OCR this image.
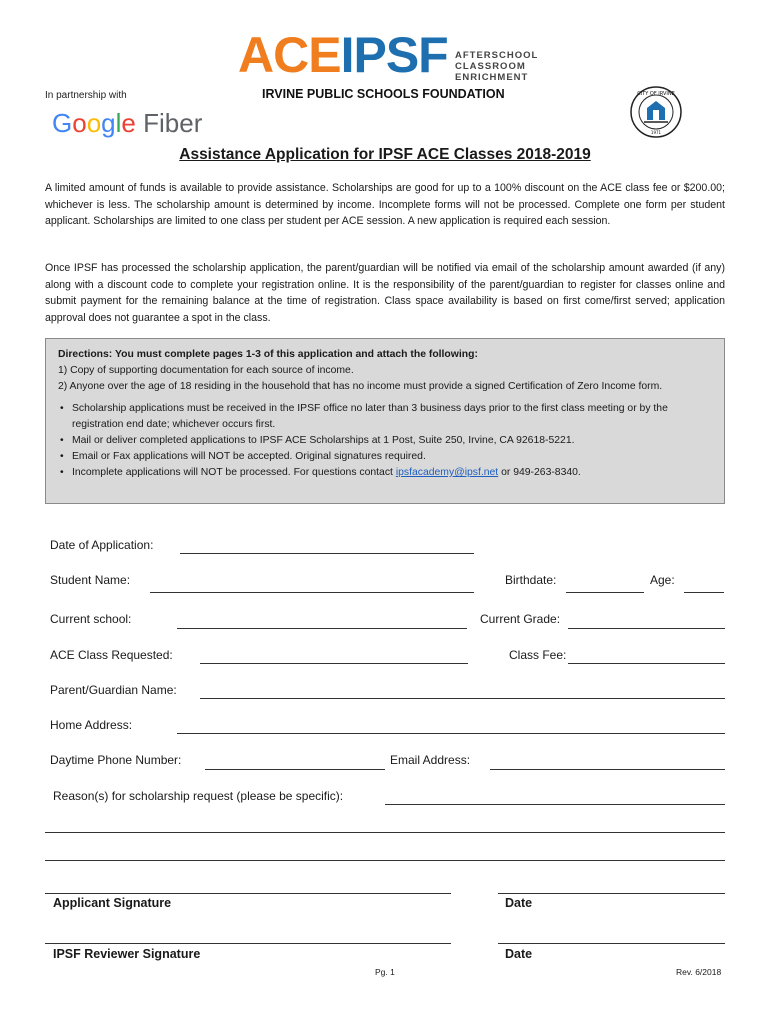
In partnership with
Google Fiber
ACEIPSF AFTERSCHOOL
CLASSROOM
ENRICHMENT
IRVINE PUBLIC SCHOOLS FOUNDATION	CITY OF IRVINE
1971
Assistance Application for IPSF ACE Classes 2018-2019
A limited amount of funds is available to provide assistance. Scholarships are good for up to a 100% discount on the ACE class fee or $200.00; whichever is less. The scholarship amount is determined by income. Incomplete forms will not be processed. Complete one form per student applicant. Scholarships are limited to one class per student per ACE session. A new application is required each session.
Once IPSF has processed the scholarship application, the parent/guardian will be notified via email of the scholarship amount awarded (if any) along with a discount code to complete your registration online. It is the responsibility of the parent/guardian to register for classes online and submit payment for the remaining balance at the time of registration. Class space availability is based on first come/first served; application approval does not guarantee a spot in the class.
Directions: You must complete pages 1-3 of this application and attach the following:
1) Copy of supporting documentation for each source of income.
2) Anyone over the age of 18 residing in the household that has no income must provide a signed Certification of Zero Income form.
• Scholarship applications must be received in the IPSF office no later than 3 business days prior to the first class meeting or by the registration end date; whichever occurs first.
• Mail or deliver completed applications to IPSF ACE Scholarships at 1 Post, Suite 250, Irvine, CA 92618-5221.
• Email or Fax applications will NOT be accepted. Original signatures required.
• Incomplete applications will NOT be processed. For questions contact ipsfacademy@ipsf.net or 949-263-8340.
Date of Application:
Student Name:	Birthdate:	Age:
Current school:	Current Grade:
ACE Class Requested:	Class Fee:
Parent/Guardian Name:
Home Address:
Daytime Phone Number:	Email Address:
Reason(s) for scholarship request (please be specific):
Applicant Signature	Date
IPSF Reviewer Signature	Date
Pg. 1	Rev. 6/2018
